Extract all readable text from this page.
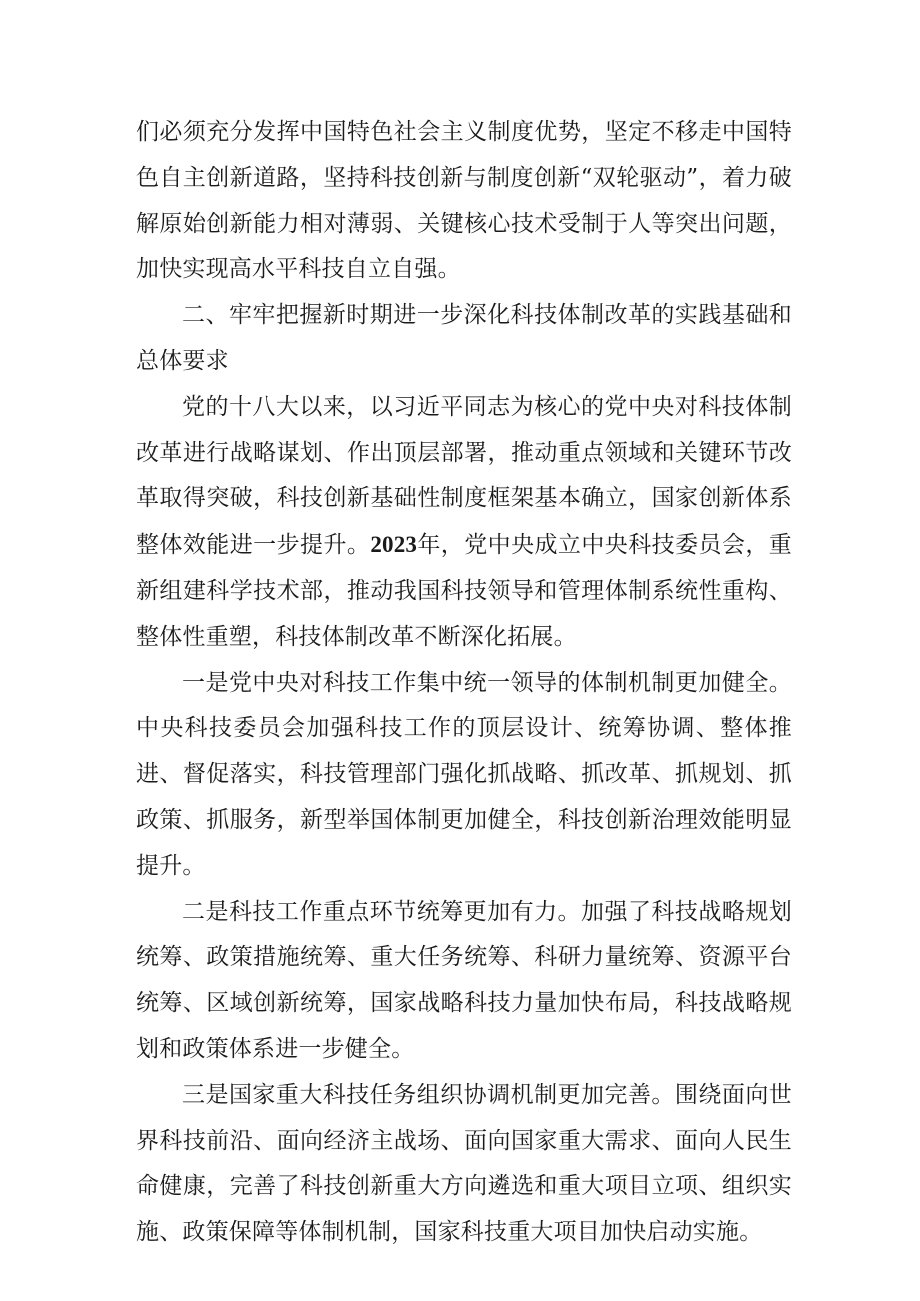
们必须充分发挥中国特色社会主义制度优势，坚定不移走中国特色自主创新道路，坚持科技创新与制度创新“双轮驱动”，着力破解原始创新能力相对薄弱、关键核心技术受制于人等突出问题，加快实现高水平科技自立自强。

二、牢牢把握新时期进一步深化科技体制改革的实践基础和总体要求

党的十八大以来，以习近平同志为核心的党中央对科技体制改革进行战略谋划、作出顶层部署，推动重点领域和关键环节改革取得突破，科技创新基础性制度框架基本确立，国家创新体系整体效能进一步提升。2023年，党中央成立中央科技委员会，重新组建科学技术部，推动我国科技领导和管理体制系统性重构、整体性重塑，科技体制改革不断深化拓展。

一是党中央对科技工作集中统一领导的体制机制更加健全。中央科技委员会加强科技工作的顶层设计、统筹协调、整体推进、督促落实，科技管理部门强化抓战略、抓改革、抓规划、抓政策、抓服务，新型举国体制更加健全，科技创新治理效能明显提升。

二是科技工作重点环节统筹更加有力。加强了科技战略规划统筹、政策措施统筹、重大任务统筹、科研力量统筹、资源平台统筹、区域创新统筹，国家战略科技力量加快布局，科技战略规划和政策体系进一步健全。

三是国家重大科技任务组织协调机制更加完善。围绕面向世界科技前沿、面向经济主战场、面向国家重大需求、面向人民生命健康，完善了科技创新重大方向遴选和重大项目立项、组织实施、政策保障等体制机制，国家科技重大项目加快启动实施。
